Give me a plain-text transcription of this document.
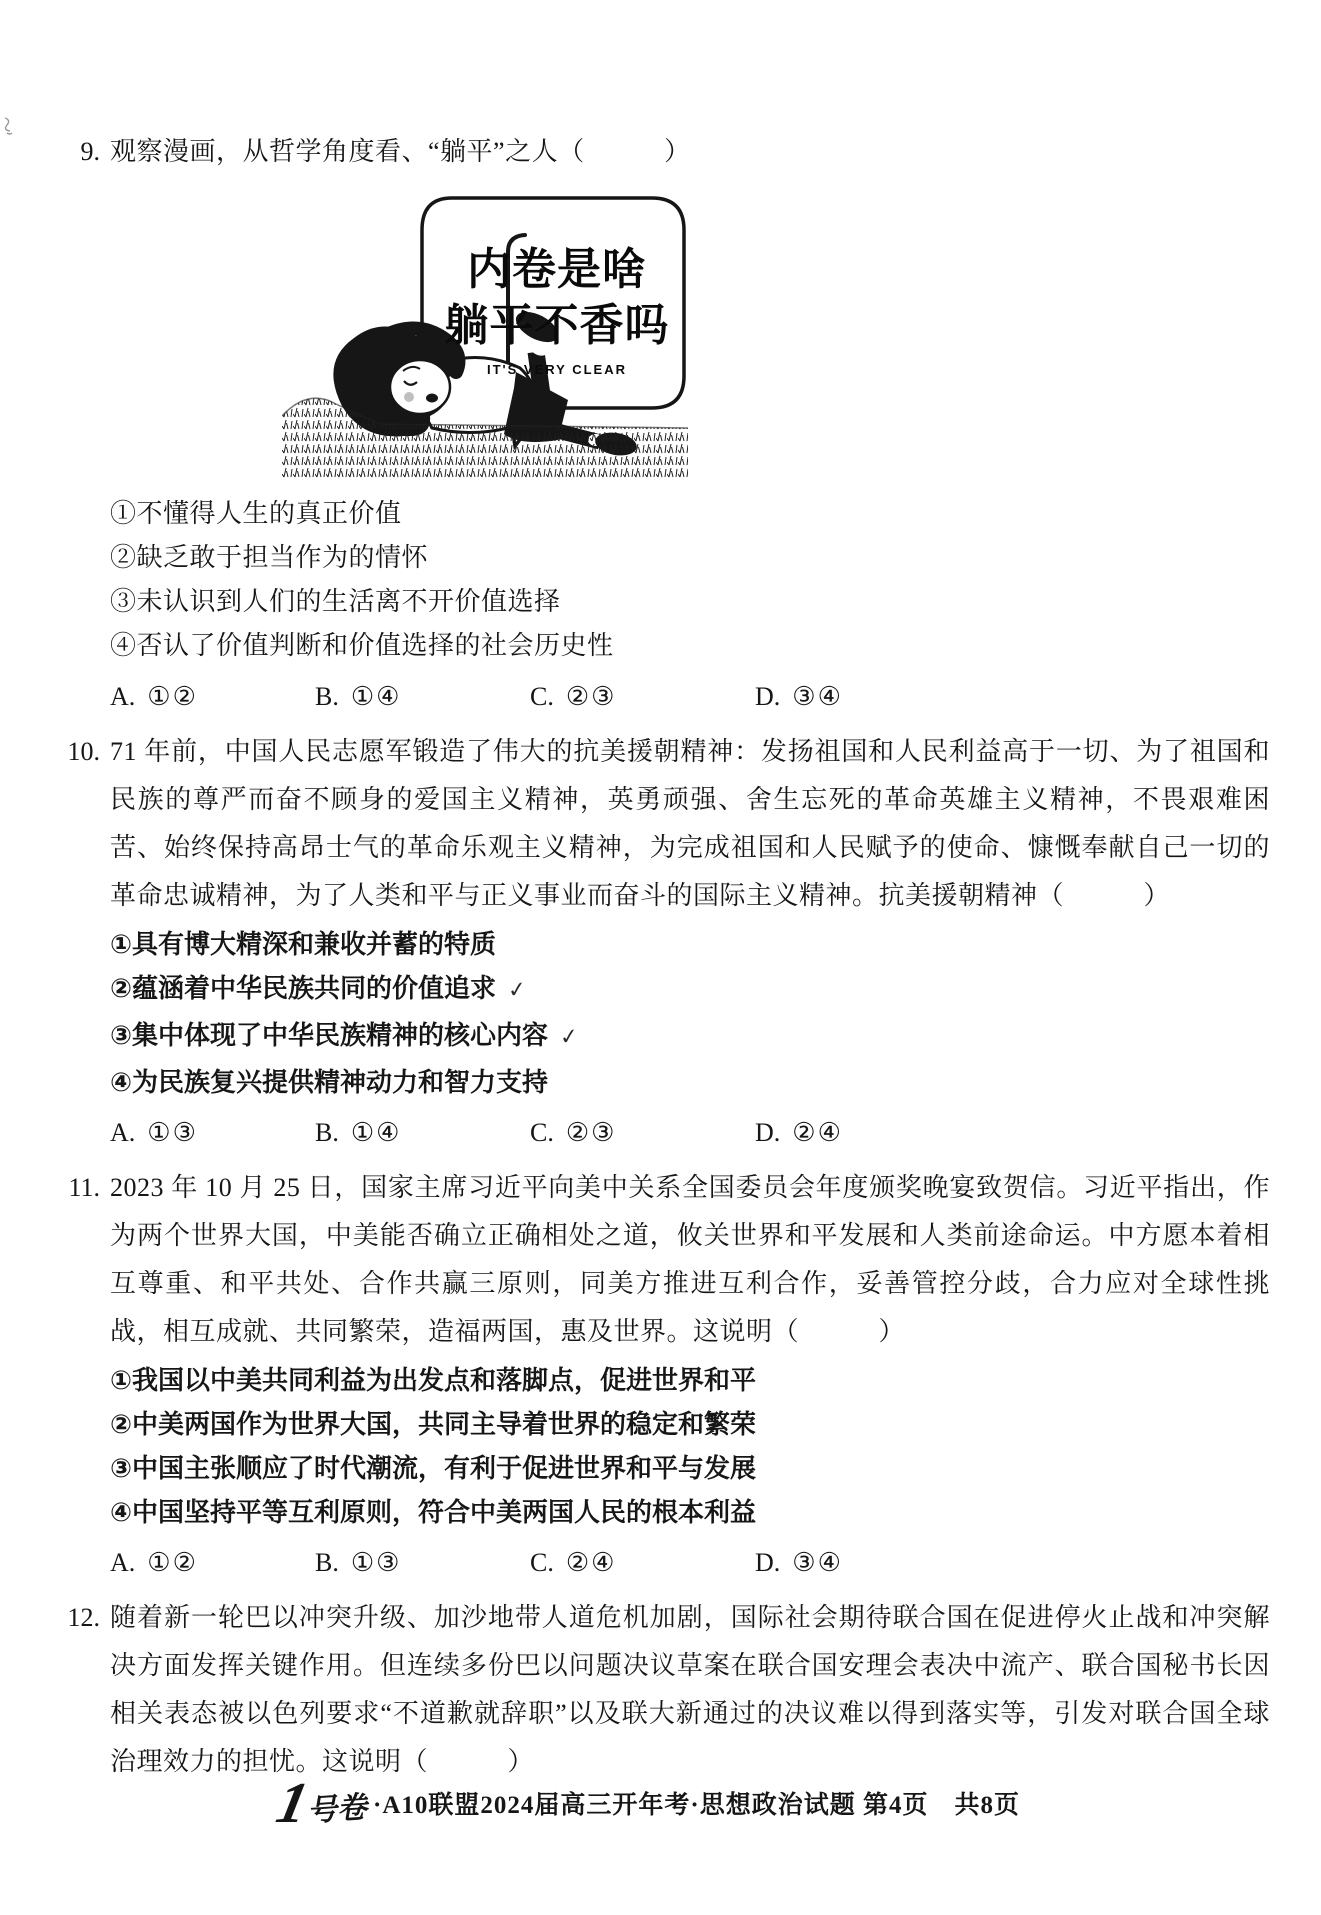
9. 观察漫画，从哲学角度看、“躺平”之人（　　　）
内卷是啥
躺平不香吗
IT'S VERY CLEAR
①不懂得人生的真正价值
②缺乏敢于担当作为的情怀
③未认识到人们的生活离不开价值选择
④否认了价值判断和价值选择的社会历史性
A. ①②	B. ①④	C. ②③	D. ③④
10. 71 年前，中国人民志愿军锻造了伟大的抗美援朝精神：发扬祖国和人民利益高于一切、为了祖国和民族的尊严而奋不顾身的爱国主义精神，英勇顽强、舍生忘死的革命英雄主义精神，不畏艰难困苦、始终保持高昂士气的革命乐观主义精神，为完成祖国和人民赋予的使命、慷慨奉献自己一切的革命忠诚精神，为了人类和平与正义事业而奋斗的国际主义精神。抗美援朝精神（　　　）
①具有博大精深和兼收并蓄的特质
②蕴涵着中华民族共同的价值追求 ✓
③集中体现了中华民族精神的核心内容 ✓
④为民族复兴提供精神动力和智力支持
A. ①③	B. ①④	C. ②③	D. ②④
11. 2023 年 10 月 25 日，国家主席习近平向美中关系全国委员会年度颁奖晚宴致贺信。习近平指出，作为两个世界大国，中美能否确立正确相处之道，攸关世界和平发展和人类前途命运。中方愿本着相互尊重、和平共处、合作共赢三原则，同美方推进互利合作，妥善管控分歧，合力应对全球性挑战，相互成就、共同繁荣，造福两国，惠及世界。这说明（　　　）
①我国以中美共同利益为出发点和落脚点，促进世界和平
②中美两国作为世界大国，共同主导着世界的稳定和繁荣
③中国主张顺应了时代潮流，有利于促进世界和平与发展
④中国坚持平等互利原则，符合中美两国人民的根本利益
A. ①②	B. ①③	C. ②④	D. ③④
12. 随着新一轮巴以冲突升级、加沙地带人道危机加剧，国际社会期待联合国在促进停火止战和冲突解决方面发挥关键作用。但连续多份巴以问题决议草案在联合国安理会表决中流产、联合国秘书长因相关表态被以色列要求“不道歉就辞职”以及联大新通过的决议难以得到落实等，引发对联合国全球治理效力的担忧。这说明（　　　）
1
号卷 ·A10联盟2024届高三开年考·思想政治试题 第4页　共8页
